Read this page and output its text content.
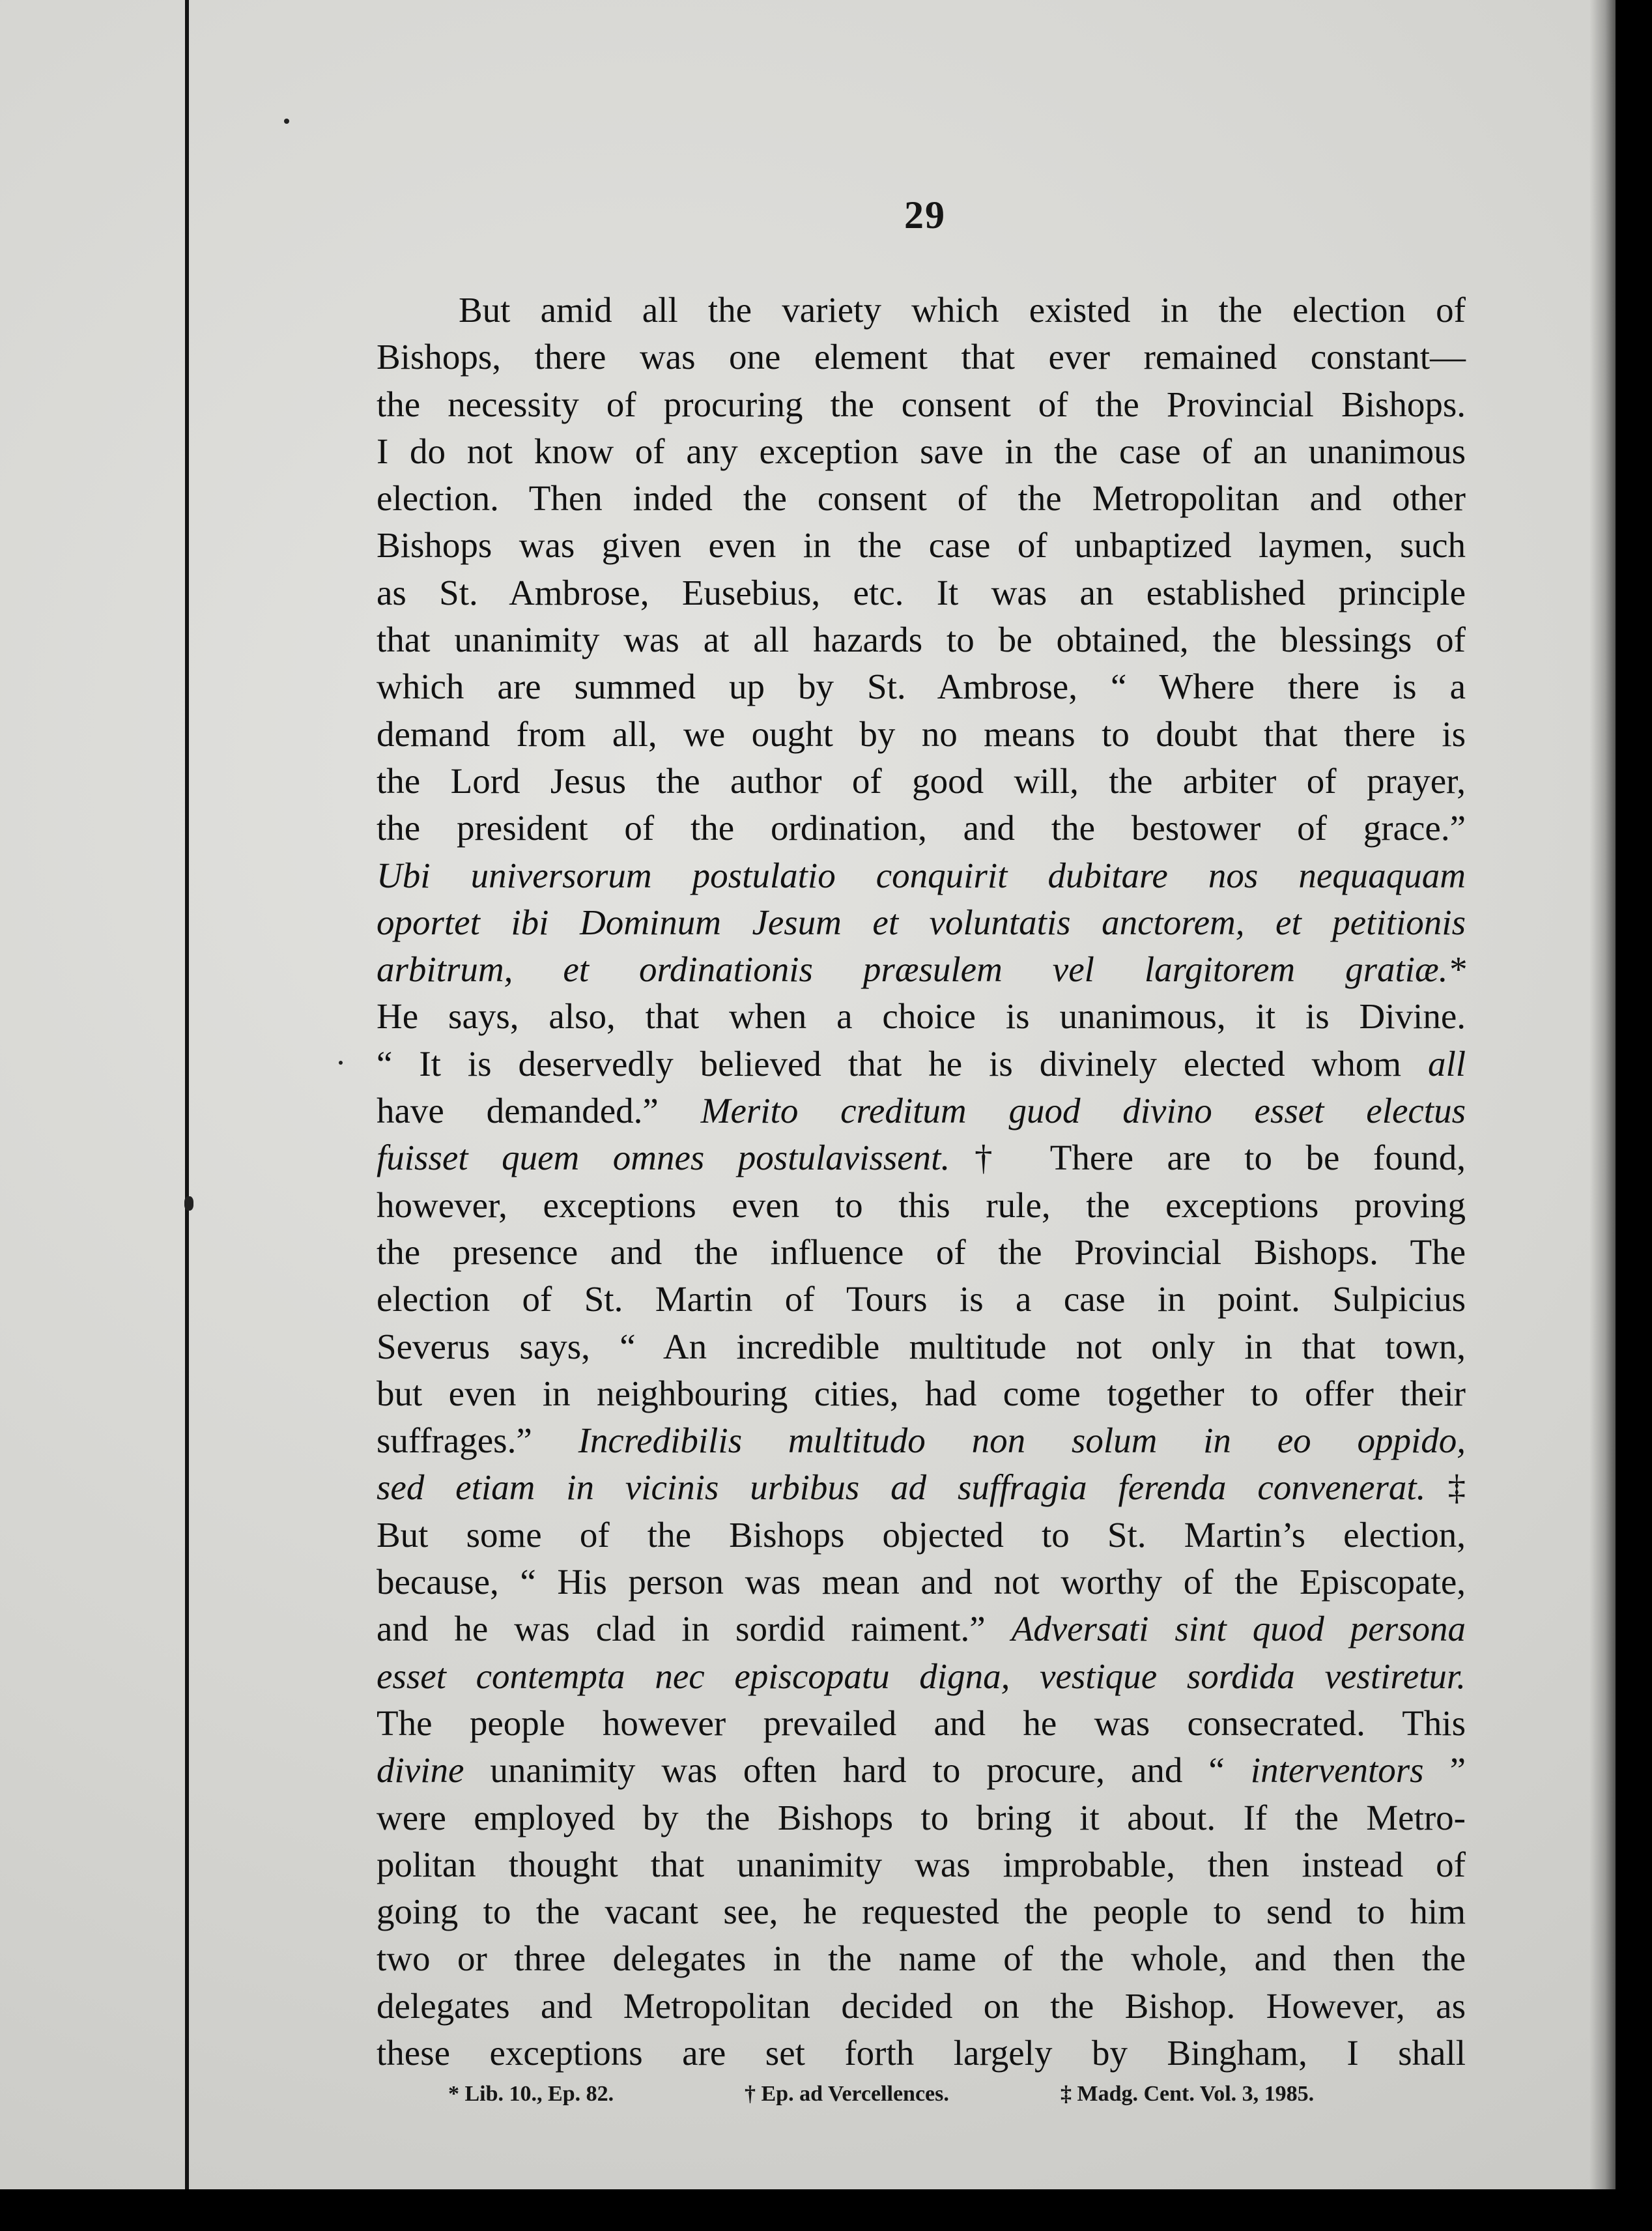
29
But amid all the variety which existed in the election of
Bishops, there was one element that ever remained constant—
the necessity of procuring the consent of the Provincial Bishops.
I do not know of any exception save in the case of an unanimous
election. Then inded the consent of the Metropolitan and other
Bishops was given even in the case of unbaptized laymen, such
as St. Ambrose, Eusebius, etc. It was an established principle
that unanimity was at all hazards to be obtained, the blessings of
which are summed up by St. Ambrose, “ Where there is a
demand from all, we ought by no means to doubt that there is
the Lord Jesus the author of good will, the arbiter of prayer,
the president of the ordination, and the bestower of grace.”
Ubi universorum postulatio conquirit dubitare nos nequaquam
oportet ibi Dominum Jesum et voluntatis anctorem, et petitionis
arbitrum, et ordinationis præsulem vel largitorem gratiæ.*
He says, also, that when a choice is unanimous, it is Divine.
“ It is deservedly believed that he is divinely elected whom all
have demanded.” Merito creditum guod divino esset electus
fuisset quem omnes postulavissent.† There are to be found,
however, exceptions even to this rule, the exceptions proving
the presence and the influence of the Provincial Bishops. The
election of St. Martin of Tours is a case in point. Sulpicius
Severus says, “ An incredible multitude not only in that town,
but even in neighbouring cities, had come together to offer their
suffrages.” Incredibilis multitudo non solum in eo oppido,
sed etiam in vicinis urbibus ad suffragia ferenda convenerat.‡
But some of the Bishops objected to St. Martin’s election,
because, “ His person was mean and not worthy of the Episcopate,
and he was clad in sordid raiment.” Adversati sint quod persona
esset contempta nec episcopatu digna, vestique sordida vestiretur.
The people however prevailed and he was consecrated. This
divine unanimity was often hard to procure, and “ interventors ”
were employed by the Bishops to bring it about. If the Metro-
politan thought that unanimity was improbable, then instead of
going to the vacant see, he requested the people to send to him
two or three delegates in the name of the whole, and then the
delegates and Metropolitan decided on the Bishop. However, as
these exceptions are set forth largely by Bingham, I shall
* Lib. 10., Ep. 82.	† Ep. ad Vercellences.	‡ Madg. Cent. Vol. 3, 1985.
